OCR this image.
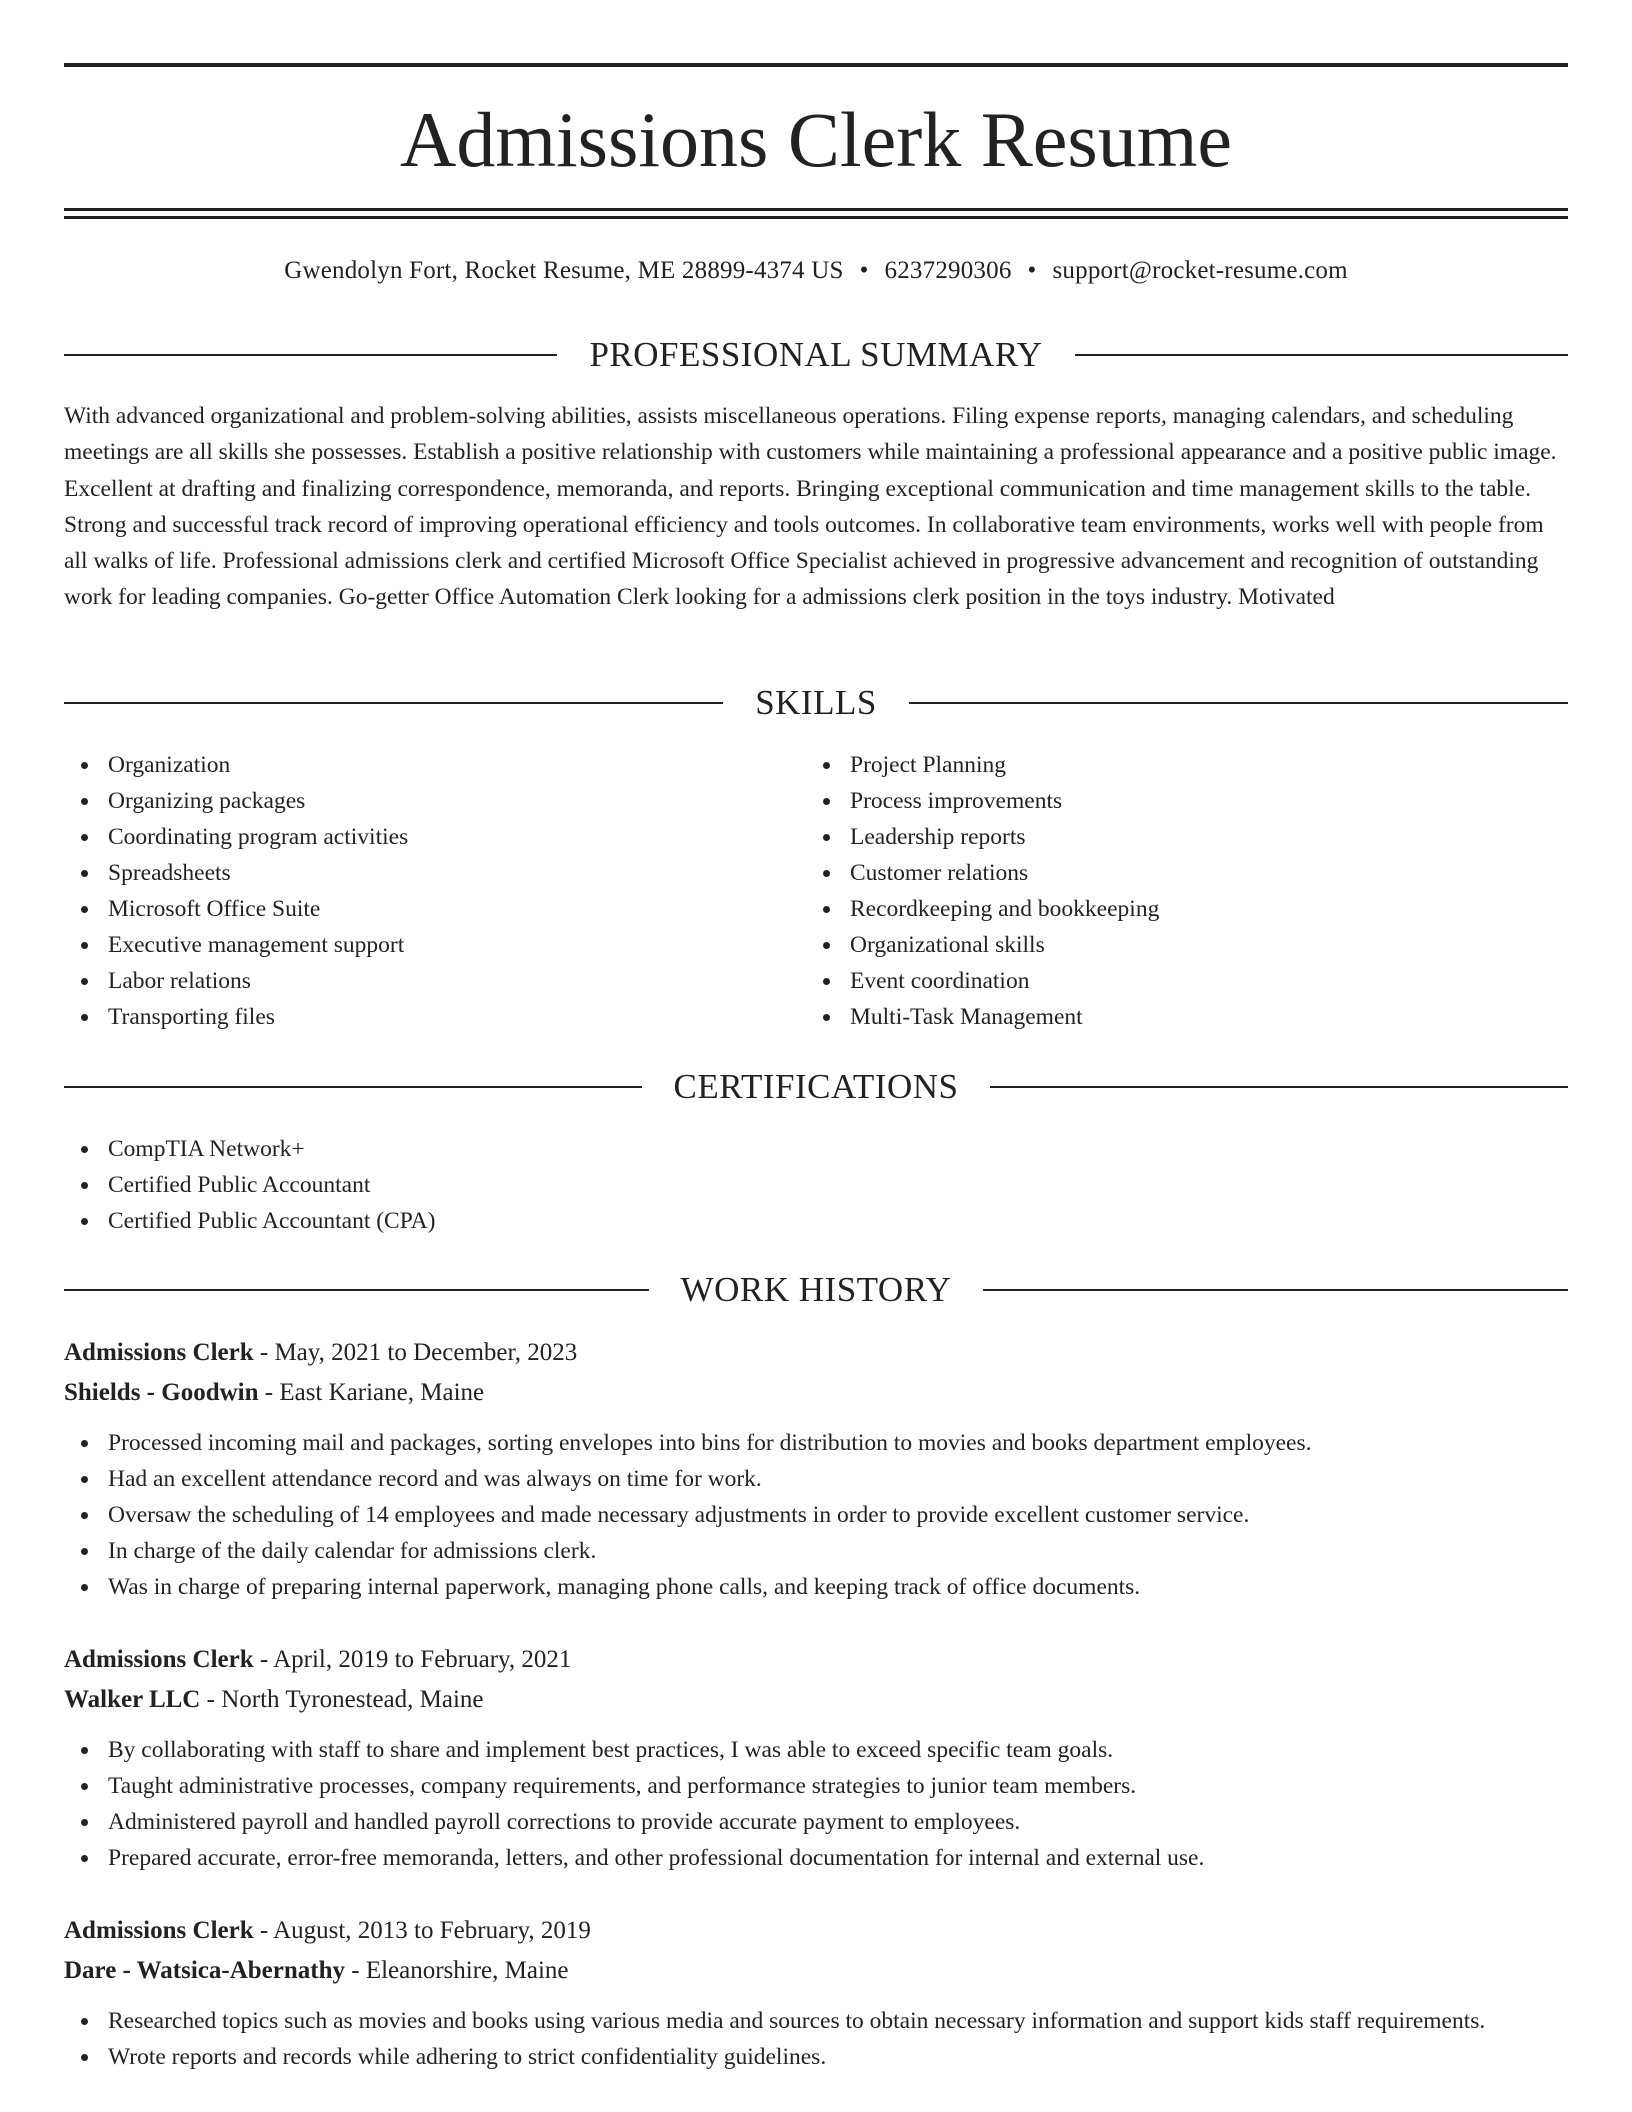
Admissions Clerk Resume
Gwendolyn Fort, Rocket Resume, ME 28899-4374 US • 6237290306 • support@rocket-resume.com
PROFESSIONAL SUMMARY

With advanced organizational and problem-solving abilities, assists miscellaneous operations. Filing expense reports, managing calendars, and scheduling meetings are all skills she possesses. Establish a positive relationship with customers while maintaining a professional appearance and a positive public image. Excellent at drafting and finalizing correspondence, memoranda, and reports. Bringing exceptional communication and time management skills to the table. Strong and successful track record of improving operational efficiency and tools outcomes. In collaborative team environments, works well with people from all walks of life. Professional admissions clerk and certified Microsoft Office Specialist achieved in progressive advancement and recognition of outstanding work for leading companies. Go-getter Office Automation Clerk looking for a admissions clerk position in the toys industry. Motivated

SKILLS
Organization
Organizing packages
Coordinating program activities
Spreadsheets
Microsoft Office Suite
Executive management support
Labor relations
Transporting files
Project Planning
Process improvements
Leadership reports
Customer relations
Recordkeeping and bookkeeping
Organizational skills
Event coordination
Multi-Task Management
CERTIFICATIONS
CompTIA Network+
Certified Public Accountant
Certified Public Accountant (CPA)
WORK HISTORY
Admissions Clerk - May, 2021 to December, 2023
Shields - Goodwin - East Kariane, Maine
Processed incoming mail and packages, sorting envelopes into bins for distribution to movies and books department employees.
Had an excellent attendance record and was always on time for work.
Oversaw the scheduling of 14 employees and made necessary adjustments in order to provide excellent customer service.
In charge of the daily calendar for admissions clerk.
Was in charge of preparing internal paperwork, managing phone calls, and keeping track of office documents.
Admissions Clerk - April, 2019 to February, 2021
Walker LLC - North Tyronestead, Maine
By collaborating with staff to share and implement best practices, I was able to exceed specific team goals.
Taught administrative processes, company requirements, and performance strategies to junior team members.
Administered payroll and handled payroll corrections to provide accurate payment to employees.
Prepared accurate, error-free memoranda, letters, and other professional documentation for internal and external use.
Admissions Clerk - August, 2013 to February, 2019
Dare - Watsica-Abernathy - Eleanorshire, Maine
Researched topics such as movies and books using various media and sources to obtain necessary information and support kids staff requirements.
Wrote reports and records while adhering to strict confidentiality guidelines.
